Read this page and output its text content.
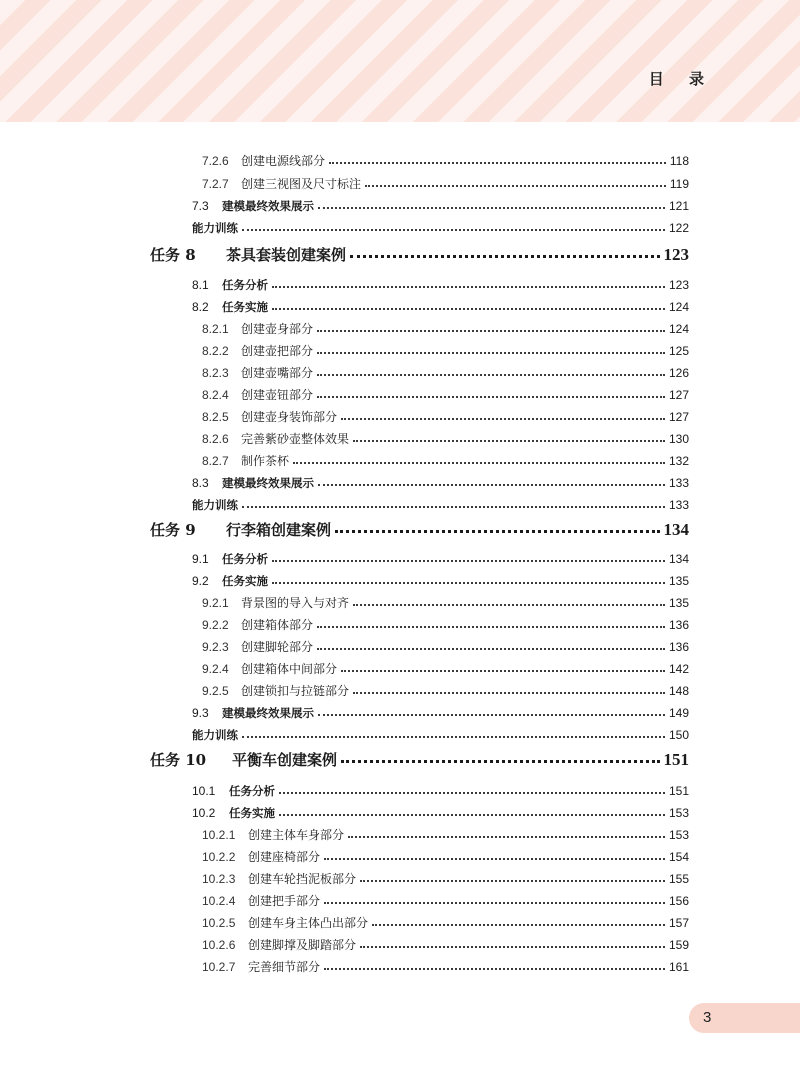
目 录
7.2.6	创建电源线部分	118
7.2.7	创建三视图及尺寸标注	119
7.3	建模最终效果展示	121
能力训练	122
任务 8	茶具套装创建案例	123
8.1	任务分析	123
8.2	任务实施	124
8.2.1	创建壶身部分	124
8.2.2	创建壶把部分	125
8.2.3	创建壶嘴部分	126
8.2.4	创建壶钮部分	127
8.2.5	创建壶身装饰部分	127
8.2.6	完善紫砂壶整体效果	130
8.2.7	制作茶杯	132
8.3	建模最终效果展示	133
能力训练	133
任务 9	行李箱创建案例	134
9.1	任务分析	134
9.2	任务实施	135
9.2.1	背景图的导入与对齐	135
9.2.2	创建箱体部分	136
9.2.3	创建脚轮部分	136
9.2.4	创建箱体中间部分	142
9.2.5	创建锁扣与拉链部分	148
9.3	建模最终效果展示	149
能力训练	150
任务 10	平衡车创建案例	151
10.1	任务分析	151
10.2	任务实施	153
10.2.1	创建主体车身部分	153
10.2.2	创建座椅部分	154
10.2.3	创建车轮挡泥板部分	155
10.2.4	创建把手部分	156
10.2.5	创建车身主体凸出部分	157
10.2.6	创建脚撑及脚踏部分	159
10.2.7	完善细节部分	161
3
